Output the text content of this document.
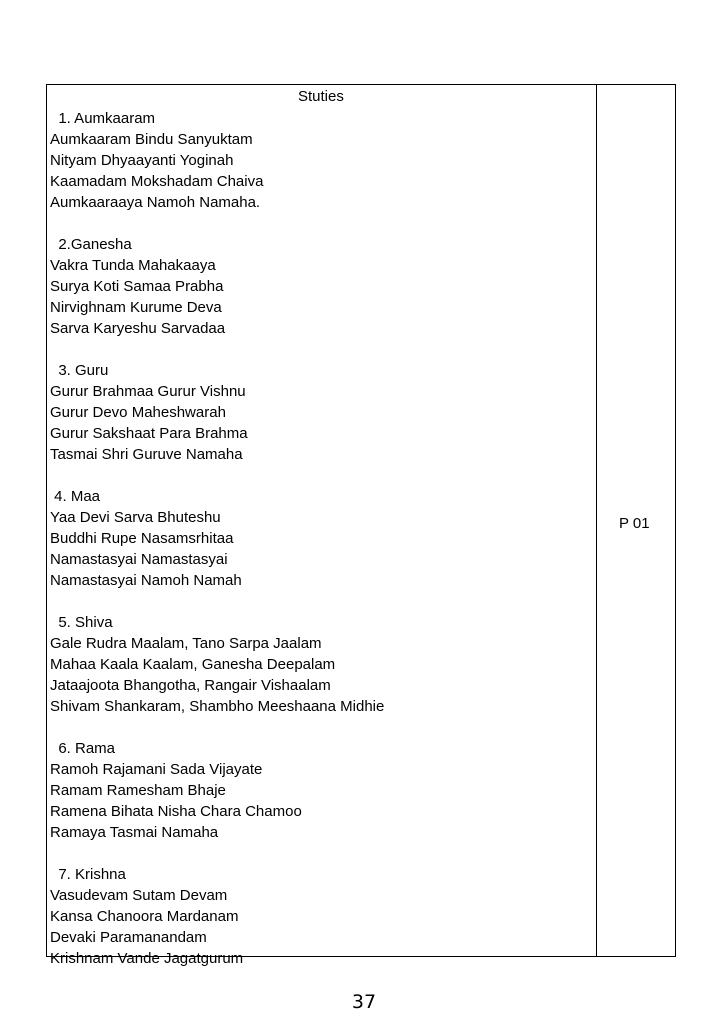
Stuties
1. Aumkaaram
Aumkaaram Bindu Sanyuktam
Nityam Dhyaayanti Yoginah
Kaamadam Mokshadam Chaiva
Aumkaaraaya Namoh Namaha.
2.Ganesha
Vakra Tunda Mahakaaya
Surya Koti Samaa Prabha
Nirvighnam Kurume Deva
Sarva Karyeshu Sarvadaa
3. Guru
Gurur Brahmaa Gurur Vishnu
Gurur Devo Maheshwarah
Gurur Sakshaat Para Brahma
Tasmai Shri Guruve Namaha
4. Maa
Yaa Devi Sarva Bhuteshu
Buddhi Rupe Nasamsrhitaa
Namastasyai Namastasyai
Namastasyai Namoh Namah
5. Shiva
Gale Rudra Maalam, Tano Sarpa Jaalam
Mahaa Kaala Kaalam, Ganesha Deepalam
Jataajoota Bhangotha, Rangair Vishaalam
Shivam Shankaram, Shambho Meeshaana Midhie
6. Rama
Ramoh Rajamani Sada Vijayate
Ramam Ramesham Bhaje
Ramena Bihata Nisha Chara Chamoo
Ramaya Tasmai Namaha
7. Krishna
Vasudevam Sutam Devam
Kansa Chanoora Mardanam
Devaki Paramanandam
Krishnam Vande Jagatgurum
P 01
37
